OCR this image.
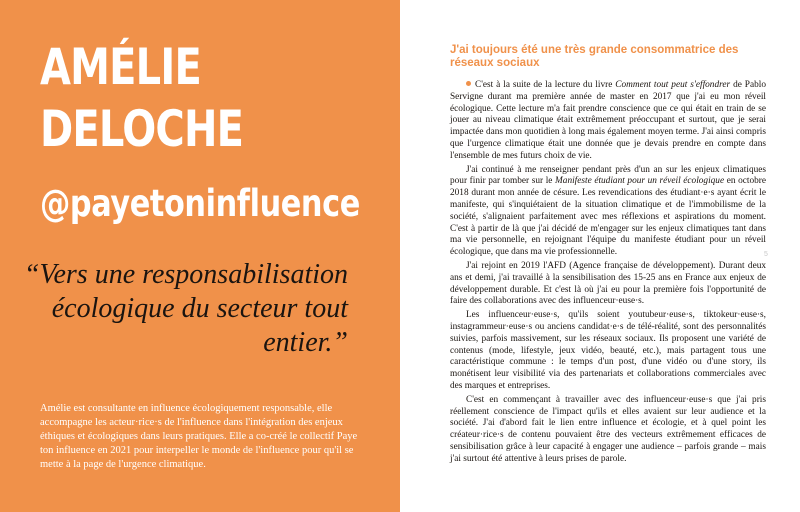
AMÉLIE
DELOCHE
@payetoninfluence
“Vers une responsabilisation écologique du secteur tout entier.”
Amélie est consultante en influence écologiquement responsable, elle accompagne les acteur·rice·s de l'influence dans l'intégration des enjeux éthiques et écologiques dans leurs pratiques. Elle a co-créé le collectif Paye ton influence en 2021 pour interpeller le monde de l'influence pour qu'il se mette à la page de l'urgence climatique.
J'ai toujours été une très grande consommatrice des réseaux sociaux

C'est à la suite de la lecture du livre Comment tout peut s'effondrer de Pablo Servigne durant ma première année de master en 2017 que j'ai eu mon réveil écologique. Cette lecture m'a fait prendre conscience que ce qui était en train de se jouer au niveau climatique était extrêmement préoccupant et surtout, que je serai impactée dans mon quotidien à long mais également moyen terme. J'ai ainsi compris que l'urgence climatique était une donnée que je devais prendre en compte dans l'ensemble de mes futurs choix de vie.

J'ai continué à me renseigner pendant près d'un an sur les enjeux climatiques pour finir par tomber sur le Manifeste étudiant pour un réveil écologique en octobre 2018 durant mon année de césure. Les revendications des étudiant·e·s ayant écrit le manifeste, qui s'inquiétaient de la situation climatique et de l'immobilisme de la société, s'alignaient parfaitement avec mes réflexions et aspirations du moment. C'est à partir de là que j'ai décidé de m'engager sur les enjeux climatiques tant dans ma vie personnelle, en rejoignant l'équipe du manifeste étudiant pour un réveil écologique, que dans ma vie professionnelle.

J'ai rejoint en 2019 l'AFD (Agence française de développement). Durant deux ans et demi, j'ai travaillé à la sensibilisation des 15-25 ans en France aux enjeux de développement durable. Et c'est là où j'ai eu pour la première fois l'opportunité de faire des collaborations avec des influenceur·euse·s.

Les influenceur·euse·s, qu'ils soient youtubeur·euse·s, tiktokeur·euse·s, instagrammeur·euse·s ou anciens candidat·e·s de télé-réalité, sont des personnalités suivies, parfois massivement, sur les réseaux sociaux. Ils proposent une variété de contenus (mode, lifestyle, jeux vidéo, beauté, etc.), mais partagent tous une caractéristique commune : le temps d'un post, d'une vidéo ou d'une story, ils monétisent leur visibilité via des partenariats et collaborations commerciales avec des marques et entreprises.

C'est en commençant à travailler avec des influenceur·euse·s que j'ai pris réellement conscience de l'impact qu'ils et elles avaient sur leur audience et la société. J'ai d'abord fait le lien entre influence et écologie, et à quel point les créateur·rice·s de contenu pouvaient être des vecteurs extrêmement efficaces de sensibilisation grâce à leur capacité à engager une audience – parfois grande – mais j'ai surtout été attentive à leurs prises de parole.

5
